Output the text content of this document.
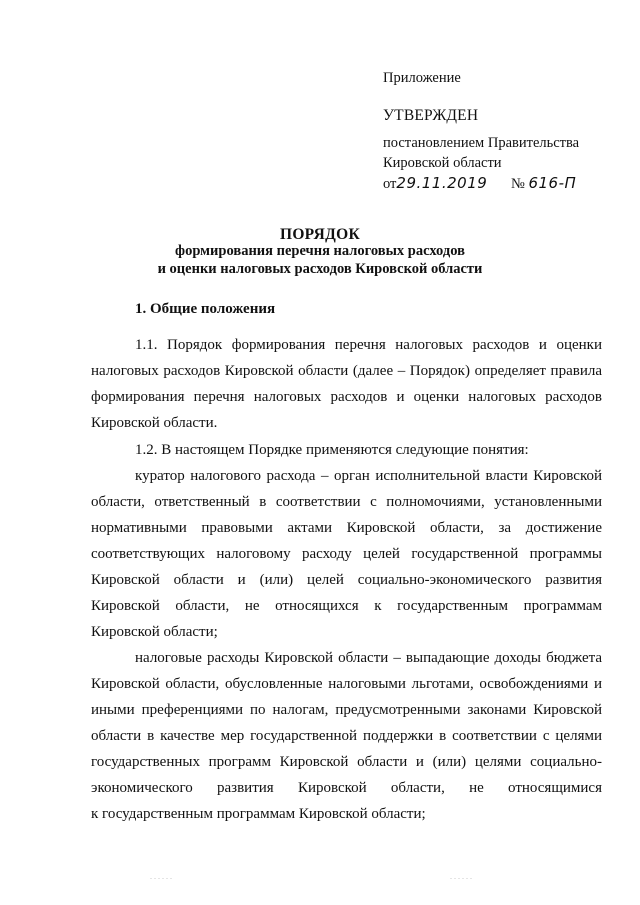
Приложение
УТВЕРЖДЕН
постановлением Правительства
Кировской области
от29.11.2019 № 616-П
ПОРЯДОК
формирования перечня налоговых расходов
и оценки налоговых расходов Кировской области
1. Общие положения
1.1. Порядок формирования перечня налоговых расходов и оценки
налоговых расходов Кировской области (далее – Порядок) определяет правила
формирования перечня налоговых расходов и оценки налоговых расходов
Кировской области.
1.2. В настоящем Порядке применяются следующие понятия:
куратор налогового расхода – орган исполнительной власти Кировской
области, ответственный в соответствии с полномочиями, установленными
нормативными правовыми актами Кировской области, за достижение
соответствующих налоговому расходу целей государственной программы
Кировской области и (или) целей социально-экономического развития
Кировской области, не относящихся к государственным программам
Кировской области;
налоговые расходы Кировской области – выпадающие доходы бюджета
Кировской области, обусловленные налоговыми льготами, освобождениями и
иными преференциями по налогам, предусмотренными законами Кировской
области в качестве мер государственной поддержки в соответствии с целями
государственных программ Кировской области и (или) целями социально-
экономического развития Кировской области, не относящимися
к государственным программам Кировской области;
......	......
